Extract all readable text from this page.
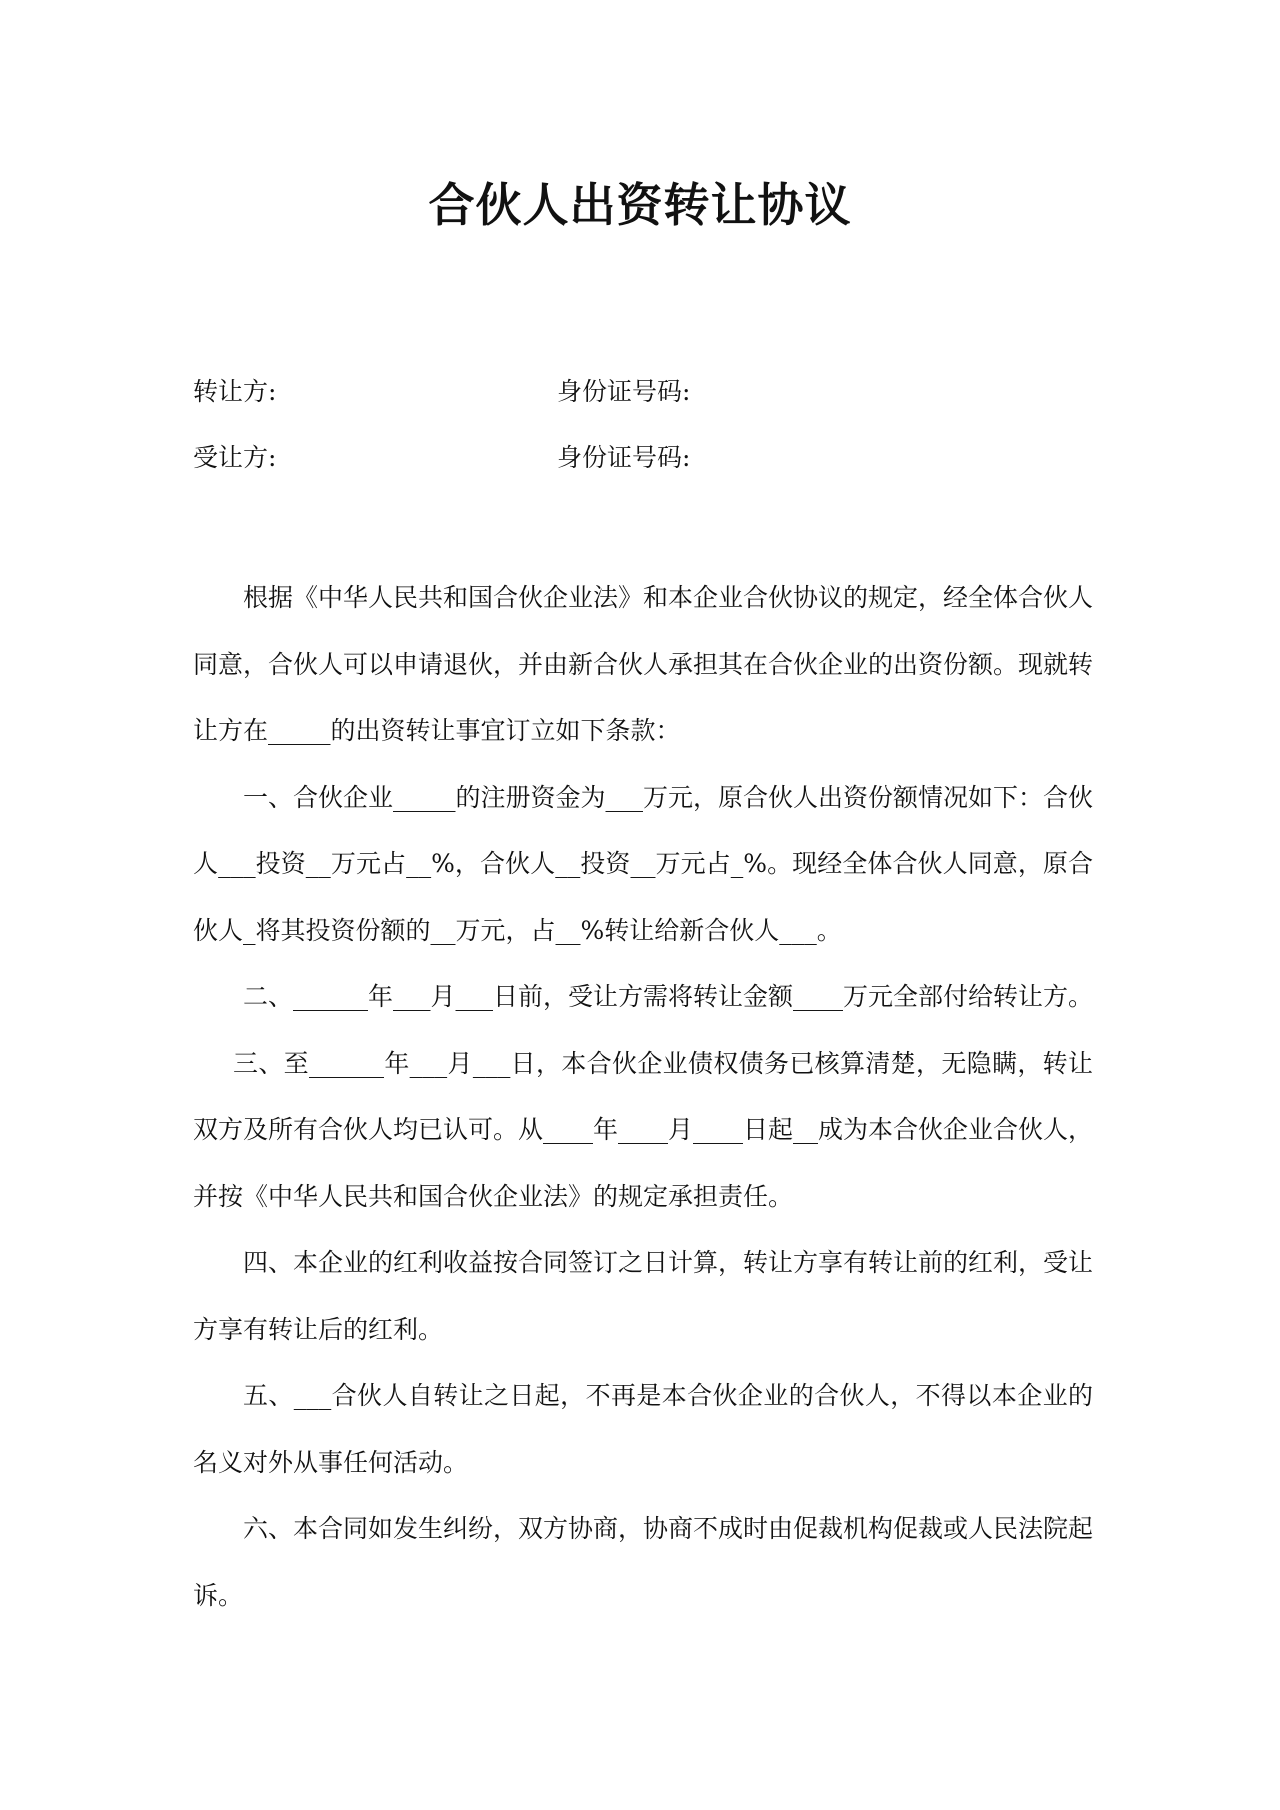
合伙人出资转让协议
转让方:	身份证号码:
受让方:	身份证号码:

根据《中华人民共和国合伙企业法》和本企业合伙协议的规定，经全体合伙人同意，合伙人可以申请退伙，并由新合伙人承担其在合伙企业的出资份额。现就转让方在_____的出资转让事宜订立如下条款：

一、合伙企业_____的注册资金为___万元，原合伙人出资份额情况如下：合伙人___投资__万元占__%，合伙人__投资__万元占_%。现经全体合伙人同意，原合伙人_将其投资份额的__万元，占__%转让给新合伙人___。

二、______年___月___日前，受让方需将转让金额____万元全部付给转让方。

三、至______年___月___日，本合伙企业债权债务已核算清楚，无隐瞒，转让双方及所有合伙人均已认可。从____年____月____日起__成为本合伙企业合伙人，并按《中华人民共和国合伙企业法》的规定承担责任。

四、本企业的红利收益按合同签订之日计算，转让方享有转让前的红利，受让方享有转让后的红利。

五、___合伙人自转让之日起，不再是本合伙企业的合伙人，不得以本企业的名义对外从事任何活动。

六、本合同如发生纠纷，双方协商，协商不成时由促裁机构促裁或人民法院起诉。
